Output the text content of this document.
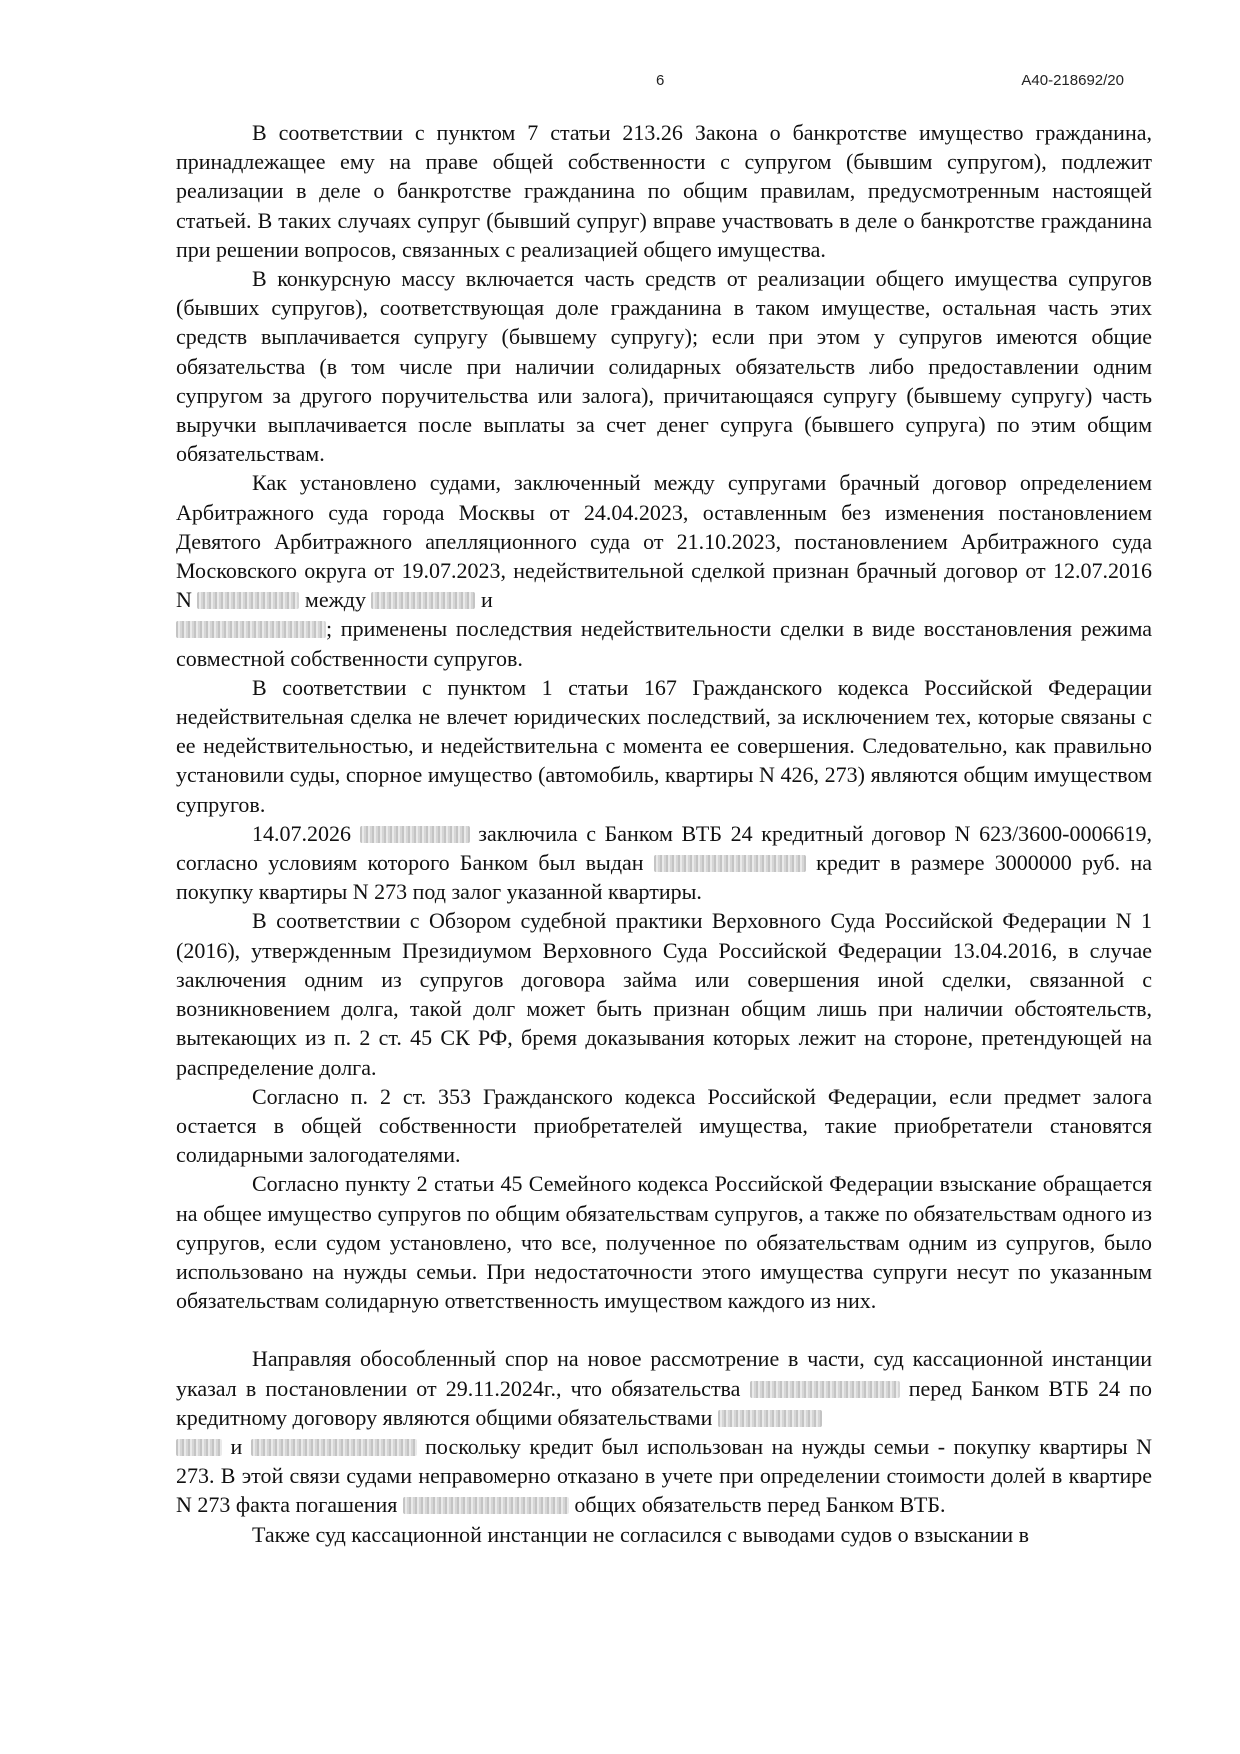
6	А40-218692/20

В соответствии с пунктом 7 статьи 213.26 Закона о банкротстве имущество гражданина, принадлежащее ему на праве общей собственности с супругом (бывшим супругом), подлежит реализации в деле о банкротстве гражданина по общим правилам, предусмотренным настоящей статьей. В таких случаях супруг (бывший супруг) вправе участвовать в деле о банкротстве гражданина при решении вопросов, связанных с реализацией общего имущества.

В конкурсную массу включается часть средств от реализации общего имущества супругов (бывших супругов), соответствующая доле гражданина в таком имуществе, остальная часть этих средств выплачивается супругу (бывшему супругу); если при этом у супругов имеются общие обязательства (в том числе при наличии солидарных обязательств либо предоставлении одним супругом за другого поручительства или залога), причитающаяся супругу (бывшему супругу) часть выручки выплачивается после выплаты за счет денег супруга (бывшего супруга) по этим общим обязательствам.

Как установлено судами, заключенный между супругами брачный договор определением Арбитражного суда города Москвы от 24.04.2023, оставленным без изменения постановлением Девятого Арбитражного апелляционного суда от 21.10.2023, постановлением Арбитражного суда Московского округа от 19.07.2023, недействительной сделкой признан брачный договор от 12.07.2016 N	между	и
; применены последствия недействительности сделки в виде восстановления режима совместной собственности супругов.

В соответствии с пунктом 1 статьи 167 Гражданского кодекса Российской Федерации недействительная сделка не влечет юридических последствий, за исключением тех, которые связаны с ее недействительностью, и недействительна с момента ее совершения. Следовательно, как правильно установили суды, спорное имущество (автомобиль, квартиры N 426, 273) являются общим имуществом супругов.

14.07.2026	заключила с Банком ВТБ 24 кредитный договор N 623/3600-0006619, согласно условиям которого Банком был выдан	кредит в размере 3000000 руб. на покупку квартиры N 273 под залог указанной квартиры.

В соответствии с Обзором судебной практики Верховного Суда Российской Федерации N 1 (2016), утвержденным Президиумом Верховного Суда Российской Федерации 13.04.2016, в случае заключения одним из супругов договора займа или совершения иной сделки, связанной с возникновением долга, такой долг может быть признан общим лишь при наличии обстоятельств, вытекающих из п. 2 ст. 45 СК РФ, бремя доказывания которых лежит на стороне, претендующей на распределение долга.

Согласно п. 2 ст. 353 Гражданского кодекса Российской Федерации, если предмет залога остается в общей собственности приобретателей имущества, такие приобретатели становятся солидарными залогодателями.

Согласно пункту 2 статьи 45 Семейного кодекса Российской Федерации взыскание обращается на общее имущество супругов по общим обязательствам супругов, а также по обязательствам одного из супругов, если судом установлено, что все, полученное по обязательствам одним из супругов, было использовано на нужды семьи. При недостаточности этого имущества супруги несут по указанным обязательствам солидарную ответственность имуществом каждого из них.

Направляя обособленный спор на новое рассмотрение в части, суд кассационной инстанции указал в постановлении от 29.11.2024г., что обязательства	перед Банком ВТБ 24 по кредитному договору являются общими обязательствами
и	поскольку кредит был использован на нужды семьи - покупку квартиры N 273. В этой связи судами неправомерно отказано в учете при определении стоимости долей в квартире N 273 факта погашения	общих обязательств перед Банком ВТБ.

Также суд кассационной инстанции не согласился с выводами судов о взыскании в
